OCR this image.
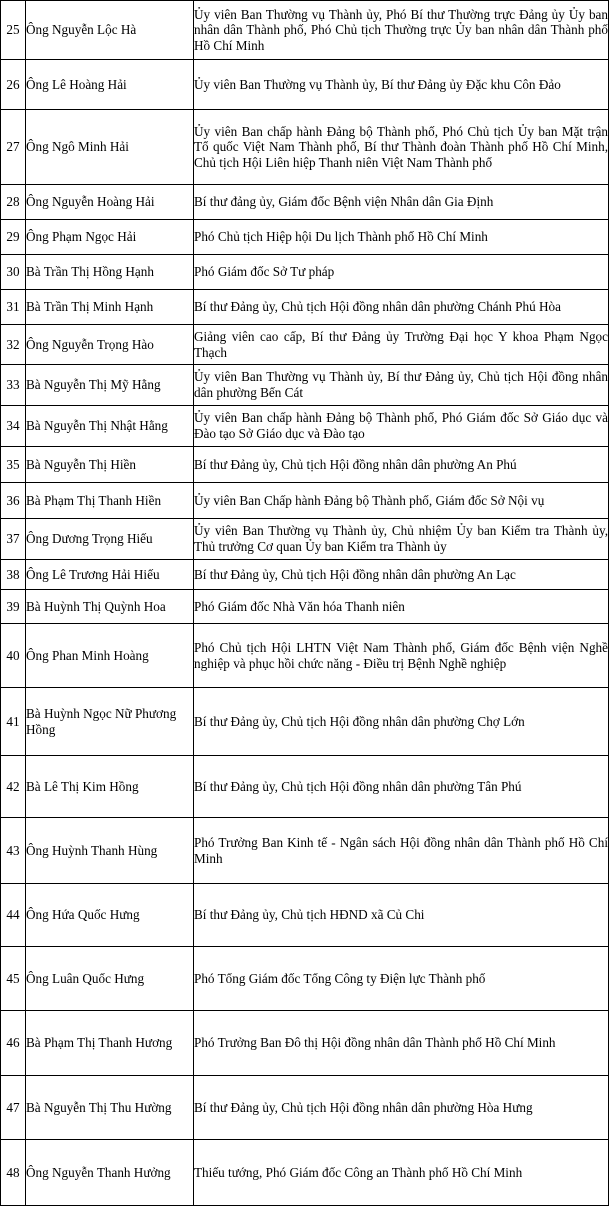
25	Ông Nguyễn Lộc Hà	Ủy viên Ban Thường vụ Thành ủy, Phó Bí thư Thường trực Đảng ủy Ủy ban nhân dân Thành phố, Phó Chủ tịch Thường trực Ủy ban nhân dân Thành phố Hồ Chí Minh
26	Ông Lê Hoàng Hải	Ủy viên Ban Thường vụ Thành ủy, Bí thư Đảng ủy Đặc khu Côn Đảo
27	Ông Ngô Minh Hải	Ủy viên Ban chấp hành Đảng bộ Thành phố, Phó Chủ tịch Ủy ban Mặt trận Tổ quốc Việt Nam Thành phố, Bí thư Thành đoàn Thành phố Hồ Chí Minh, Chủ tịch Hội Liên hiệp Thanh niên Việt Nam Thành phố
28	Ông Nguyễn Hoàng Hải	Bí thư đảng ủy, Giám đốc Bệnh viện Nhân dân Gia Định
29	Ông Phạm Ngọc Hải	Phó Chủ tịch Hiệp hội Du lịch Thành phố Hồ Chí Minh
30	Bà Trần Thị Hồng Hạnh	Phó Giám đốc Sở Tư pháp
31	Bà Trần Thị Minh Hạnh	Bí thư Đảng ủy, Chủ tịch Hội đồng nhân dân phường Chánh Phú Hòa
32	Ông Nguyễn Trọng Hào	Giảng viên cao cấp, Bí thư Đảng ủy Trường Đại học Y khoa Phạm Ngọc Thạch
33	Bà Nguyễn Thị Mỹ Hằng	Ủy viên Ban Thường vụ Thành ủy, Bí thư Đảng ủy, Chủ tịch Hội đồng nhân dân phường Bến Cát
34	Bà Nguyễn Thị Nhật Hằng	Ủy viên Ban chấp hành Đảng bộ Thành phố, Phó Giám đốc Sở Giáo dục và Đào tạo Sở Giáo dục và Đào tạo
35	Bà Nguyễn Thị Hiền	Bí thư Đảng ủy, Chủ tịch Hội đồng nhân dân phường An Phú
36	Bà Phạm Thị Thanh Hiền	Ủy viên Ban Chấp hành Đảng bộ Thành phố, Giám đốc Sở Nội vụ
37	Ông Dương Trọng Hiếu	Ủy viên Ban Thường vụ Thành ủy, Chủ nhiệm Ủy ban Kiểm tra Thành ủy, Thủ trưởng Cơ quan Ủy ban Kiểm tra Thành ủy
38	Ông Lê Trương Hải Hiếu	Bí thư Đảng ủy, Chủ tịch Hội đồng nhân dân phường An Lạc
39	Bà Huỳnh Thị Quỳnh Hoa	Phó Giám đốc Nhà Văn hóa Thanh niên
40	Ông Phan Minh Hoàng	Phó Chủ tịch Hội LHTN Việt Nam Thành phố, Giám đốc Bệnh viện Nghề nghiệp và phục hồi chức năng - Điều trị Bệnh Nghề nghiệp
41	Bà Huỳnh Ngọc Nữ Phương Hồng	Bí thư Đảng ủy, Chủ tịch Hội đồng nhân dân phường Chợ Lớn
42	Bà Lê Thị Kim Hồng	Bí thư Đảng ủy, Chủ tịch Hội đồng nhân dân phường Tân Phú
43	Ông Huỳnh Thanh Hùng	Phó Trưởng Ban Kinh tế - Ngân sách Hội đồng nhân dân Thành phố Hồ Chí Minh
44	Ông Hứa Quốc Hưng	Bí thư Đảng ủy, Chủ tịch HĐND xã Củ Chi
45	Ông Luân Quốc Hưng	Phó Tổng Giám đốc Tổng Công ty Điện lực Thành phố
46	Bà Phạm Thị Thanh Hương	Phó Trưởng Ban Đô thị Hội đồng nhân dân Thành phố Hồ Chí Minh
47	Bà Nguyễn Thị Thu Hường	Bí thư Đảng ủy, Chủ tịch Hội đồng nhân dân phường Hòa Hưng
48	Ông Nguyễn Thanh Hưởng	Thiếu tướng, Phó Giám đốc Công an Thành phố Hồ Chí Minh
